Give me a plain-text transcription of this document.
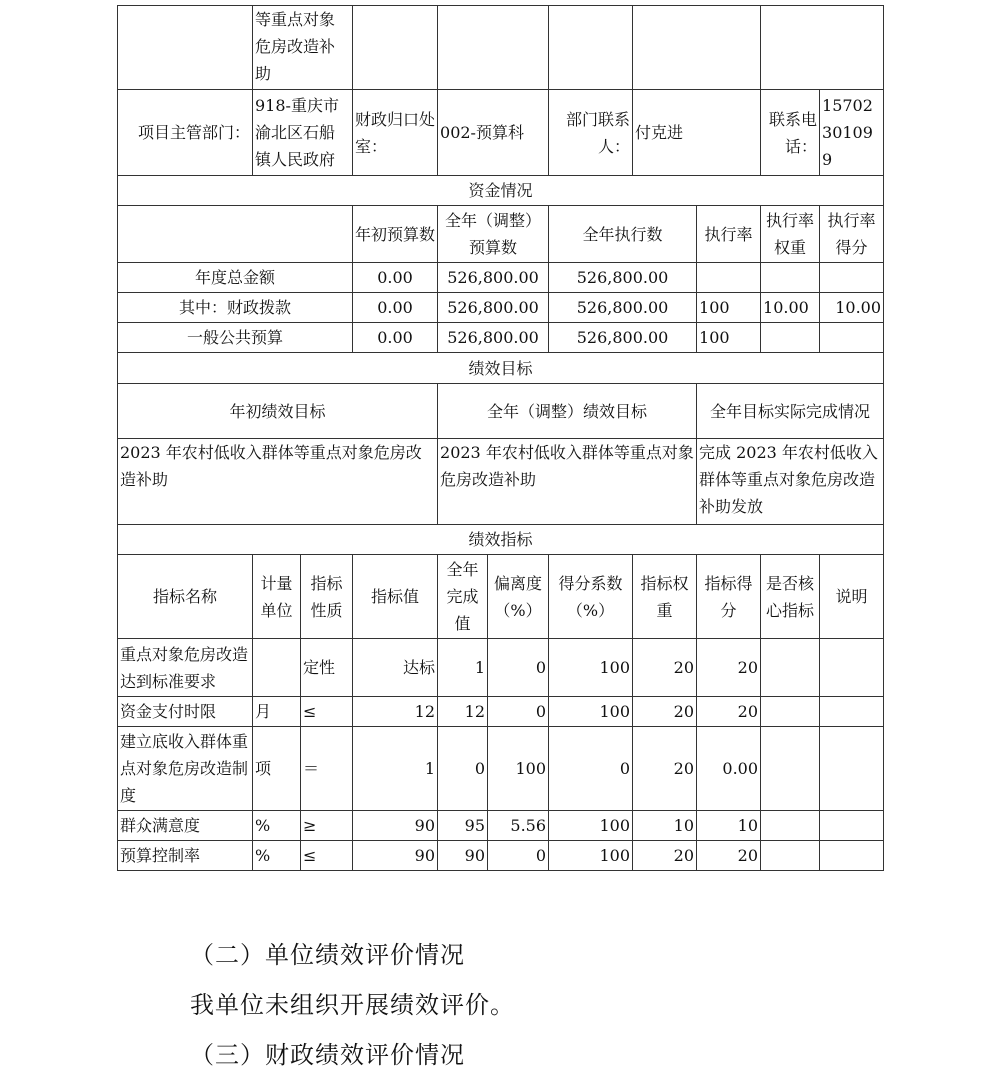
	等重点对象危房改造补助									
项目主管部门：	918-重庆市渝北区石船镇人民政府		财政归口处室：	002-预算科		部门联系人：	付克进		联系电话：	15702301099
资金情况										
			年初预算数	全年（调整）预算数		全年执行数		执行率	执行率权重	执行率得分
年度总金额			0.00	526,800.00		526,800.00				
其中：财政拨款			0.00	526,800.00		526,800.00		100	10.00	10.00
一般公共预算			0.00	526,800.00		526,800.00		100		
绩效目标										
年初绩效目标				全年（调整）绩效目标				全年目标实际完成情况		
2023 年农村低收入群体等重点对象危房改造补助				2023 年农村低收入群体等重点对象危房改造补助				完成 2023 年农村低收入群体等重点对象危房改造补助发放		
绩效指标										
指标名称	计量单位	指标性质	指标值	全年完成值	偏离度（%）	得分系数（%）	指标权重	指标得分	是否核心指标	说明
重点对象危房改造达到标准要求		定性	达标	1	0	100	20	20		
资金支付时限	月	≤	12	12	0	100	20	20		
建立底收入群体重点对象危房改造制度	项	＝	1	0	100	0	20	0.00		
群众满意度	%	≥	90	95	5.56	100	10	10		
预算控制率	%	≤	90	90	0	100	20	20		
（二）单位绩效评价情况
我单位未组织开展绩效评价。
（三）财政绩效评价情况
